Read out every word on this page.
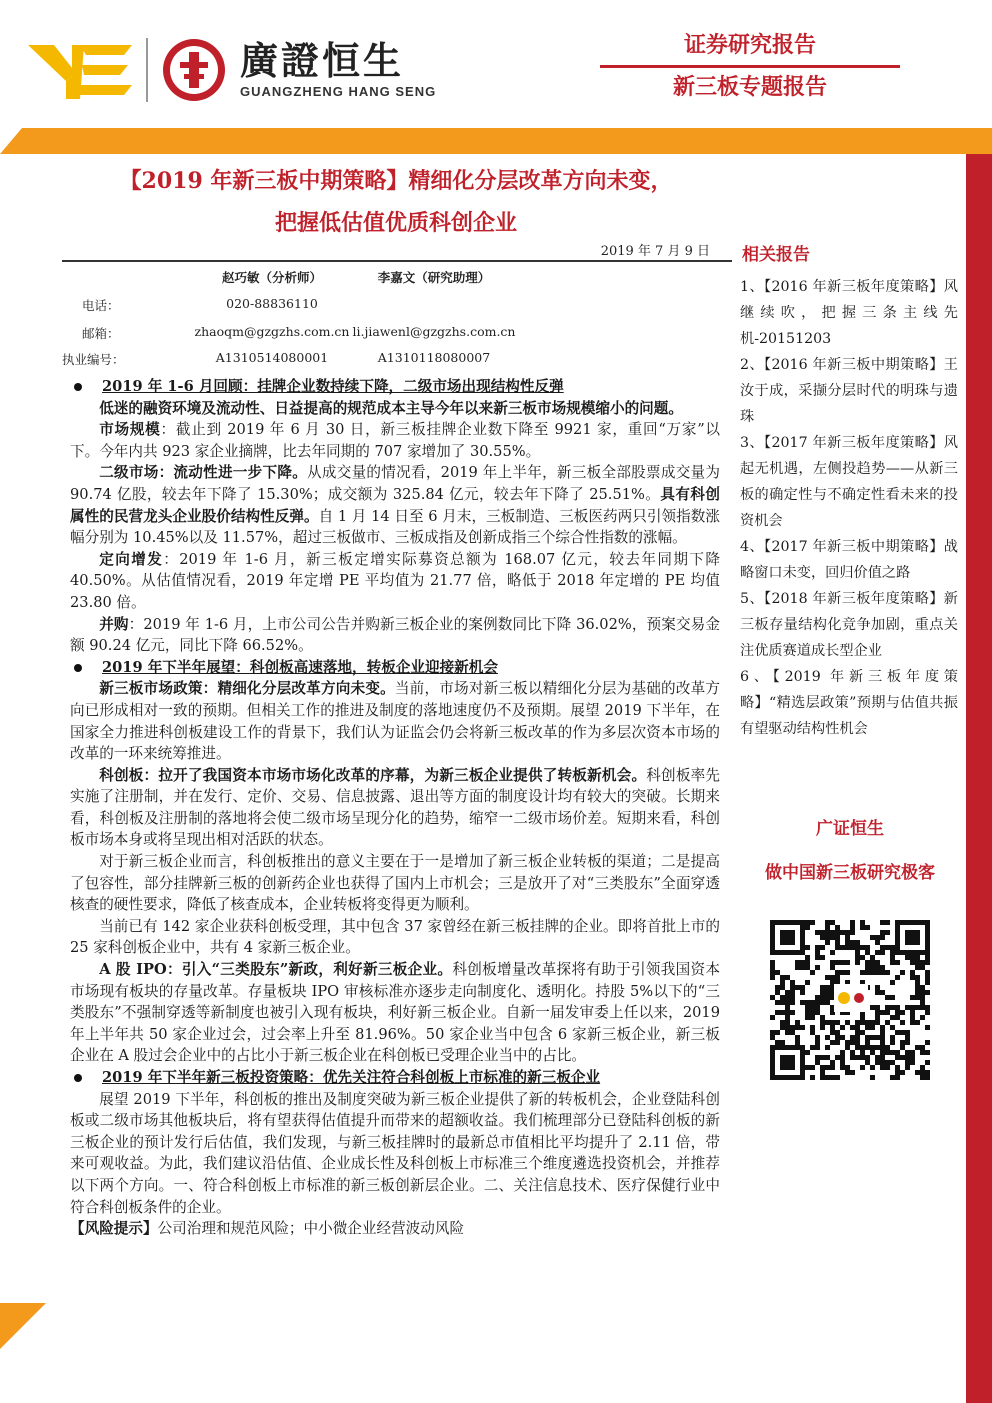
廣證恒生
GUANGZHENG HANG SENG
证券研究报告
新三板专题报告
【2019 年新三板中期策略】精细化分层改革方向未变，
把握低估值优质科创企业
2019 年 7 月 9 日
赵巧敏（分析师）	李嘉文（研究助理）
电话：	020-88836110
邮箱：	zhaoqm@gzgzhs.com.cn li.jiawenl@gzgzhs.com.cn
执业编号：	A1310514080001	A1310118080007

2019 年 1-6 月回顾：挂牌企业数持续下降，二级市场出现结构性反弹

低迷的融资环境及流动性、日益提高的规范成本主导今年以来新三板市场规模缩小的问题。

市场规模：截止到 2019 年 6 月 30 日，新三板挂牌企业数下降至 9921 家，重回“万家”以下。今年内共 923 家企业摘牌，比去年同期的 707 家增加了 30.55%。

二级市场：流动性进一步下降。从成交量的情况看，2019 年上半年，新三板全部股票成交量为 90.74 亿股，较去年下降了 15.30%；成交额为 325.84 亿元，较去年下降了 25.51%。具有科创属性的民营龙头企业股价结构性反弹。自 1 月 14 日至 6 月末，三板制造、三板医药两只引领指数涨幅分别为 10.45%以及 11.57%，超过三板做市、三板成指及创新成指三个综合性指数的涨幅。

定向增发：2019 年 1-6 月，新三板定增实际募资总额为 168.07 亿元，较去年同期下降 40.50%。从估值情况看，2019 年定增 PE 平均值为 21.77 倍，略低于 2018 年定增的 PE 均值 23.80 倍。

并购：2019 年 1-6 月，上市公司公告并购新三板企业的案例数同比下降 36.02%，预案交易金额 90.24 亿元，同比下降 66.52%。

2019 年下半年展望：科创板高速落地，转板企业迎接新机会

新三板市场政策：精细化分层改革方向未变。当前，市场对新三板以精细化分层为基础的改革方向已形成相对一致的预期。但相关工作的推进及制度的落地速度仍不及预期。展望 2019 下半年，在国家全力推进科创板建设工作的背景下，我们认为证监会仍会将新三板改革的作为多层次资本市场的改革的一环来统筹推进。

科创板：拉开了我国资本市场市场化改革的序幕，为新三板企业提供了转板新机会。科创板率先实施了注册制，并在发行、定价、交易、信息披露、退出等方面的制度设计均有较大的突破。长期来看，科创板及注册制的落地将会使二级市场呈现分化的趋势，缩窄一二级市场价差。短期来看，科创板市场本身或将呈现出相对活跃的状态。

对于新三板企业而言，科创板推出的意义主要在于一是增加了新三板企业转板的渠道；二是提高了包容性，部分挂牌新三板的创新药企业也获得了国内上市机会；三是放开了对“三类股东”全面穿透核查的硬性要求，降低了核查成本，企业转板将变得更为顺利。

当前已有 142 家企业获科创板受理，其中包含 37 家曾经在新三板挂牌的企业。即将首批上市的 25 家科创板企业中，共有 4 家新三板企业。

A 股 IPO：引入“三类股东”新政，利好新三板企业。科创板增量改革探将有助于引领我国资本市场现有板块的存量改革。存量板块 IPO 审核标准亦逐步走向制度化、透明化。持股 5%以下的“三类股东”不强制穿透等新制度也被引入现有板块，利好新三板企业。自新一届发审委上任以来，2019 年上半年共 50 家企业过会，过会率上升至 81.96%。50 家企业当中包含 6 家新三板企业，新三板企业在 A 股过会企业中的占比小于新三板企业在科创板已受理企业当中的占比。

2019 年下半年新三板投资策略：优先关注符合科创板上市标准的新三板企业

展望 2019 下半年，科创板的推出及制度突破为新三板企业提供了新的转板机会，企业登陆科创板或二级市场其他板块后，将有望获得估值提升而带来的超额收益。我们梳理部分已登陆科创板的新三板企业的预计发行后估值，我们发现，与新三板挂牌时的最新总市值相比平均提升了 2.11 倍，带来可观收益。为此，我们建议沿估值、企业成长性及科创板上市标准三个维度遴选投资机会，并推荐以下两个方向。一、符合科创板上市标准的新三板创新层企业。二、关注信息技术、医疗保健行业中符合科创板条件的企业。

【风险提示】公司治理和规范风险；中小微企业经营波动风险

相关报告
1、【2016 年新三板年度策略】风继续吹，把握三条主线先机-20151203
2、【2016 年新三板中期策略】王汝于成，采撷分层时代的明珠与遗珠
3、【2017 年新三板年度策略】风起无机遇，左侧投趋势——从新三板的确定性与不确定性看未来的投资机会
4、【2017 年新三板中期策略】战略窗口未变，回归价值之路
5、【2018 年新三板年度策略】新三板存量结构化竞争加剧，重点关注优质赛道成长型企业
6、【2019 年新三板年度策略】“精选层政策”预期与估值共振有望驱动结构性机会
广证恒生
做中国新三板研究极客
